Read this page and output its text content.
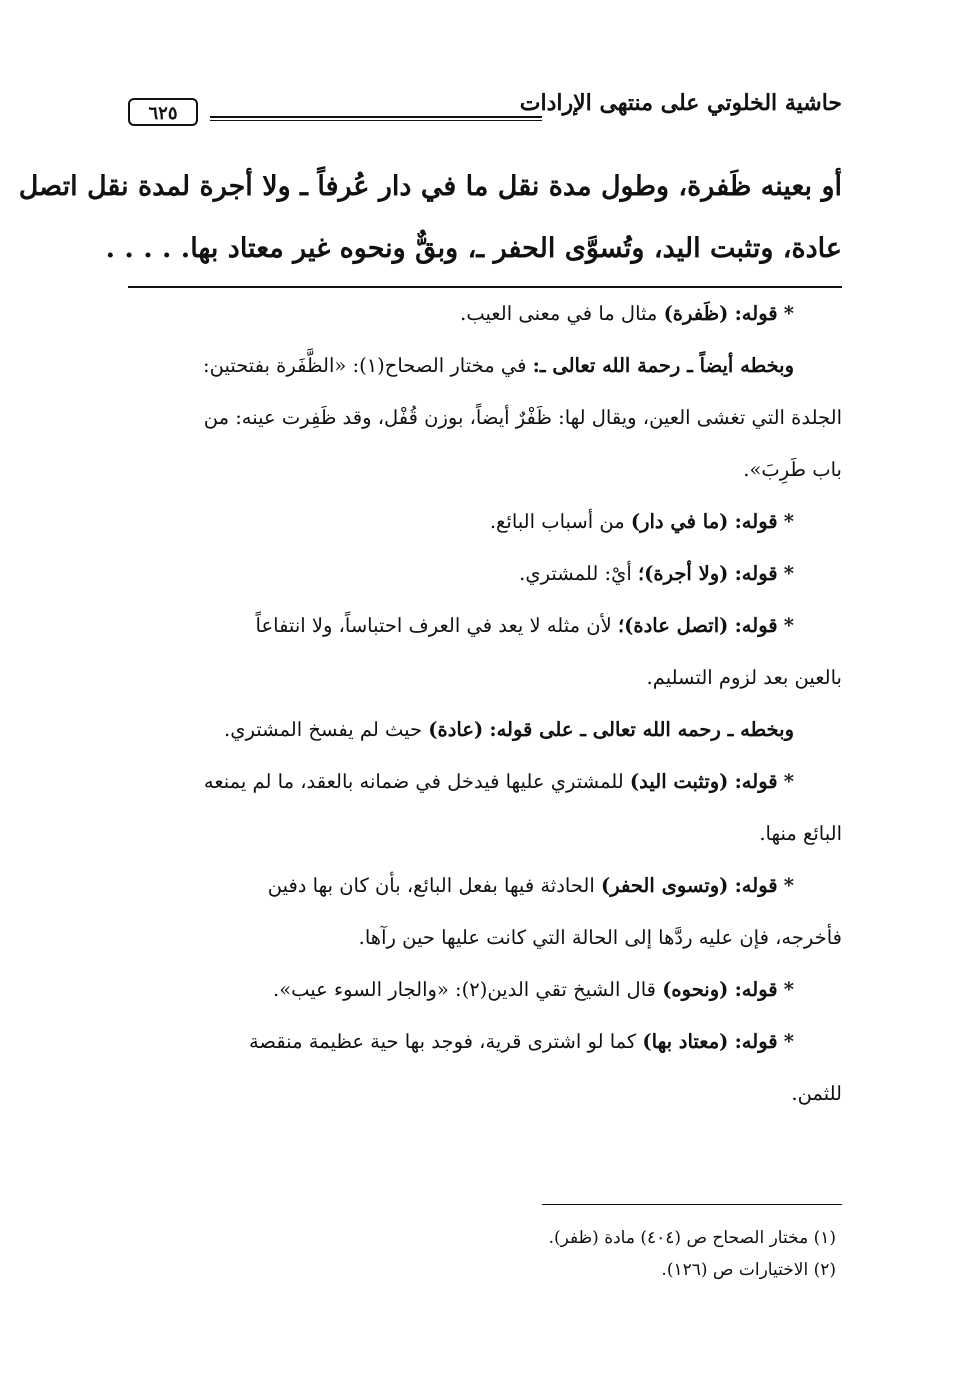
حاشية الخلوتي على منتهى الإرادات
٦٢٥
أو بعينه ظَفرة، وطول مدة نقل ما في دار عُرفاً ـ ولا أجرة لمدة نقل اتصل
عادة، وتثبت اليد، وتُسوَّى الحفر ـ، وبقٌّ ونحوه غير معتاد بها. . . . .
* قوله: (ظَفرة) مثال ما في معنى العيب.
وبخطه أيضاً ـ رحمة الله تعالى ـ: في مختار الصحاح(١): «الظَّفَرة بفتحتين:
الجلدة التي تغشى العين، ويقال لها: ظَفْرٌ أيضاً، بوزن قُفْل، وقد ظَفِرت عينه: من
باب طَرِبَ».
* قوله: (ما في دار) من أسباب البائع.
* قوله: (ولا أجرة)؛ أيْ: للمشتري.
* قوله: (اتصل عادة)؛ لأن مثله لا يعد في العرف احتباساً، ولا انتفاعاً
بالعين بعد لزوم التسليم.
وبخطه ـ رحمه الله تعالى ـ على قوله: (عادة) حيث لم يفسخ المشتري.
* قوله: (وتثبت اليد) للمشتري عليها فيدخل في ضمانه بالعقد، ما لم يمنعه
البائع منها.
* قوله: (وتسوى الحفر) الحادثة فيها بفعل البائع، بأن كان بها دفين
فأخرجه، فإن عليه ردَّها إلى الحالة التي كانت عليها حين رآها.
* قوله: (ونحوه) قال الشيخ تقي الدين(٢): «والجار السوء عيب».
* قوله: (معتاد بها) كما لو اشترى قرية، فوجد بها حية عظيمة منقصة
للثمن.
(١) مختار الصحاح ص (٤٠٤) مادة (ظفر).
(٢) الاختيارات ص (١٢٦).
